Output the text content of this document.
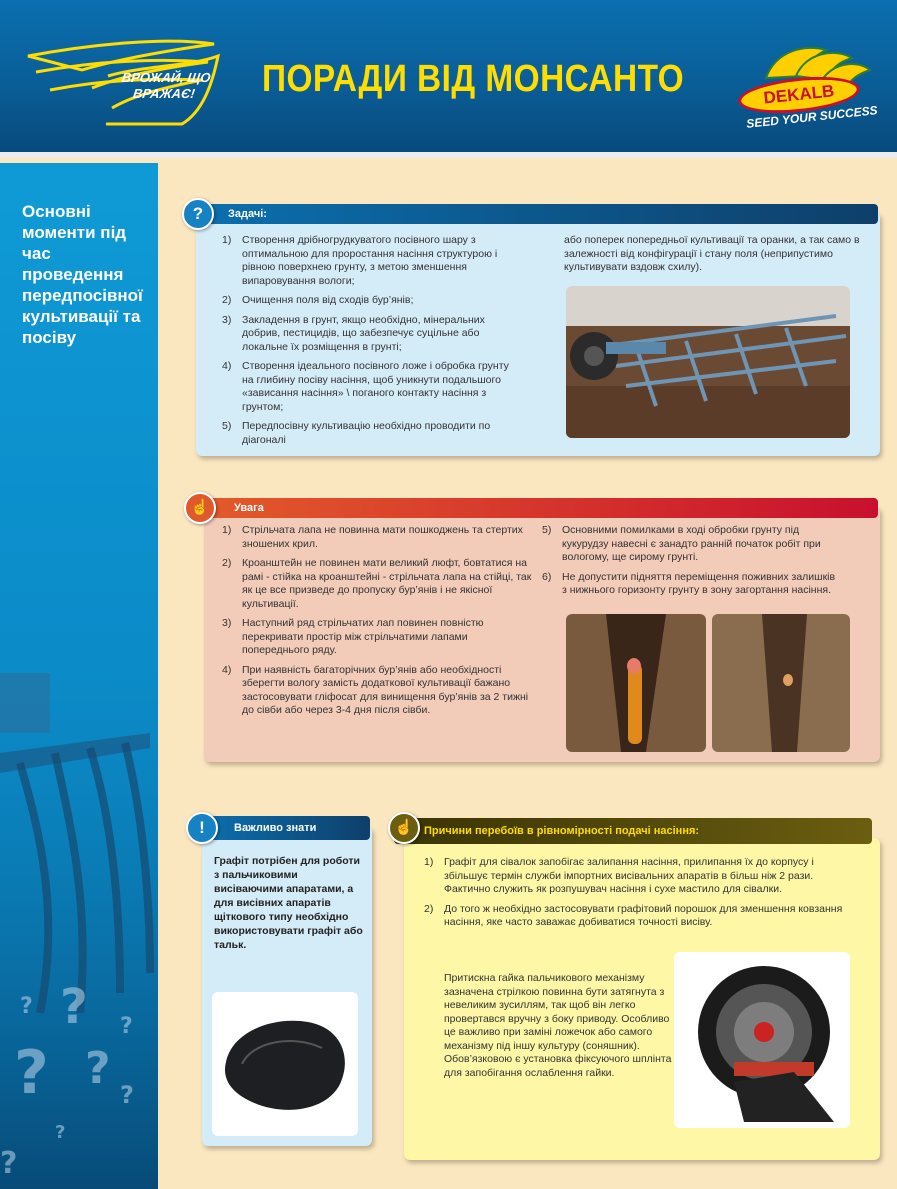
ВРОЖАЙ, ЩО ВРАЖАЄ!	ПОРАДИ ВІД МОНСАНТО	DEKALB
SEED YOUR SUCCESS
Основні моменти під час проведення передпосівної культивації та посіву
?
? ?
?
?
?
?
?
Задачі:
?
1) Створення дрібногрудкуватого посівного шару з оптимальною для проростання насіння структурою і рівною поверхнею грунту, з метою зменшення випаровування вологи;
2) Очищення поля від сходів бур’янів;
3) Закладення в грунт, якщо необхідно, мінеральних добрив, пестицидів, що забезпечує суцільне або локальне їх розміщення в грунті;
4) Створення ідеального посівного ложе і обробка грунту на глибину посіву насіння, щоб уникнути подальшого «зависання насіння» \ поганого контакту насіння з грунтом;
5) Передпосівну культивацію необхідно проводити по діагоналі
або поперек попередньої культивації та оранки, а так само в залежності від конфігурації і стану поля (неприпустимо культивувати вздовж схилу).
Увага
☝
1) Стрільчата лапа не повинна мати пошкоджень та стертих зношених крил.
2) Кроанштейн не повинен мати великий люфт, бовтатися на рамі - стійка на кроанштейні - стрільчата лапа на стійці, так як це все призведе до пропуску бур’янів і не якісної культивації.
3) Наступний ряд стрільчатих лап повинен повністю перекривати простір між стрільчатими лапами попереднього ряду.
4) При наявність багаторічних бур’янів або необхідності зберегти вологу замість додаткової культивації бажано застосовувати гліфосат для винищення бур’янів за 2 тижні до сівби або через 3-4 дня після сівби.
5) Основними помилками в ході обробки грунту під кукурудзу навесні є занадто ранній початок робіт при вологому, ще сирому грунті.
6) Не допустити підняття переміщення поживних залишків з нижнього горизонту грунту в зону загортання насіння.
Важливо знати
!
Графіт потрібен для роботи з пальчиковими висіваючими апаратами, а для висівних апаратів щіткового типу необхідно використовувати графіт або тальк.
Причини перебоїв в рівномірності подачі насіння:
☝
1) Графіт для сівалок запобігає залипання насіння, прилипання їх до корпусу і збільшує термін служби імпортних висівальних апаратів в більш ніж 2 рази. Фактично служить як розпушувач насіння і сухе мастило для сівалки.
2) До того ж необхідно застосовувати графітовий порошок для зменшення ковзання насіння, яке часто заважає добиватися точності висіву.
Притискна гайка пальчикового механізму зазначена стрілкою повинна бути затягнута з невеликим зусиллям, так щоб він легко провертався вручну з боку приводу. Особливо це важливо при заміні ложечок або самого механізму під іншу культуру (соняшник). Обов’язковою є установка фіксуючого шплінта для запобігання ослаблення гайки.
